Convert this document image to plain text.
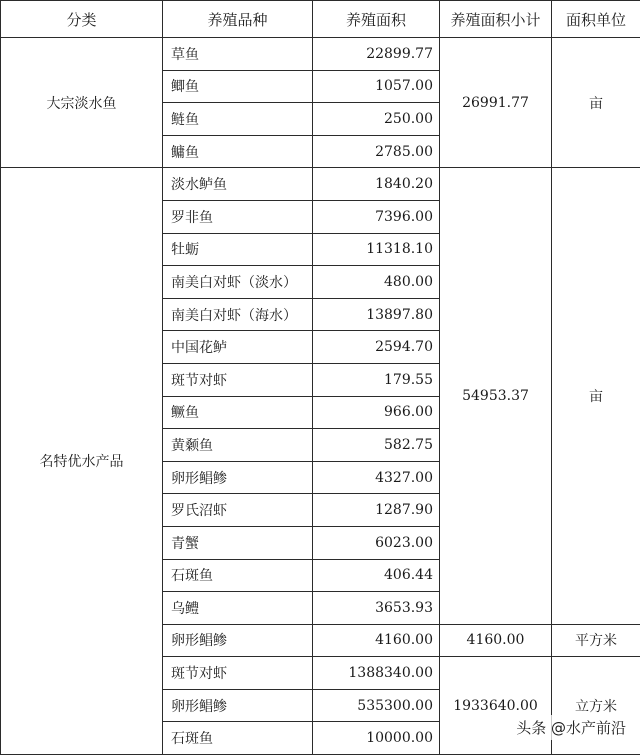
分类	养殖品种	养殖面积	养殖面积小计	面积单位
大宗淡水鱼	草鱼	22899.77	26991.77	亩
	鲫鱼	1057.00		
	鲢鱼	250.00		
	鳙鱼	2785.00		
名特优水产品	淡水鲈鱼	1840.20	54953.37	亩
	罗非鱼	7396.00		
	牡蛎	11318.10		
	南美白对虾（淡水）	480.00		
	南美白对虾（海水）	13897.80		
	中国花鲈	2594.70		
	斑节对虾	179.55		
	鳜鱼	966.00		
	黄颡鱼	582.75		
	卵形鲳鲹	4327.00		
	罗氏沼虾	1287.90		
	青蟹	6023.00		
	石斑鱼	406.44		
	乌鳢	3653.93		
	卵形鲳鲹	4160.00	4160.00	平方米
	斑节对虾	1388340.00	1933640.00	立方米
	卵形鲳鲹	535300.00		
	石斑鱼	10000.00		
头条 @水产前沿
